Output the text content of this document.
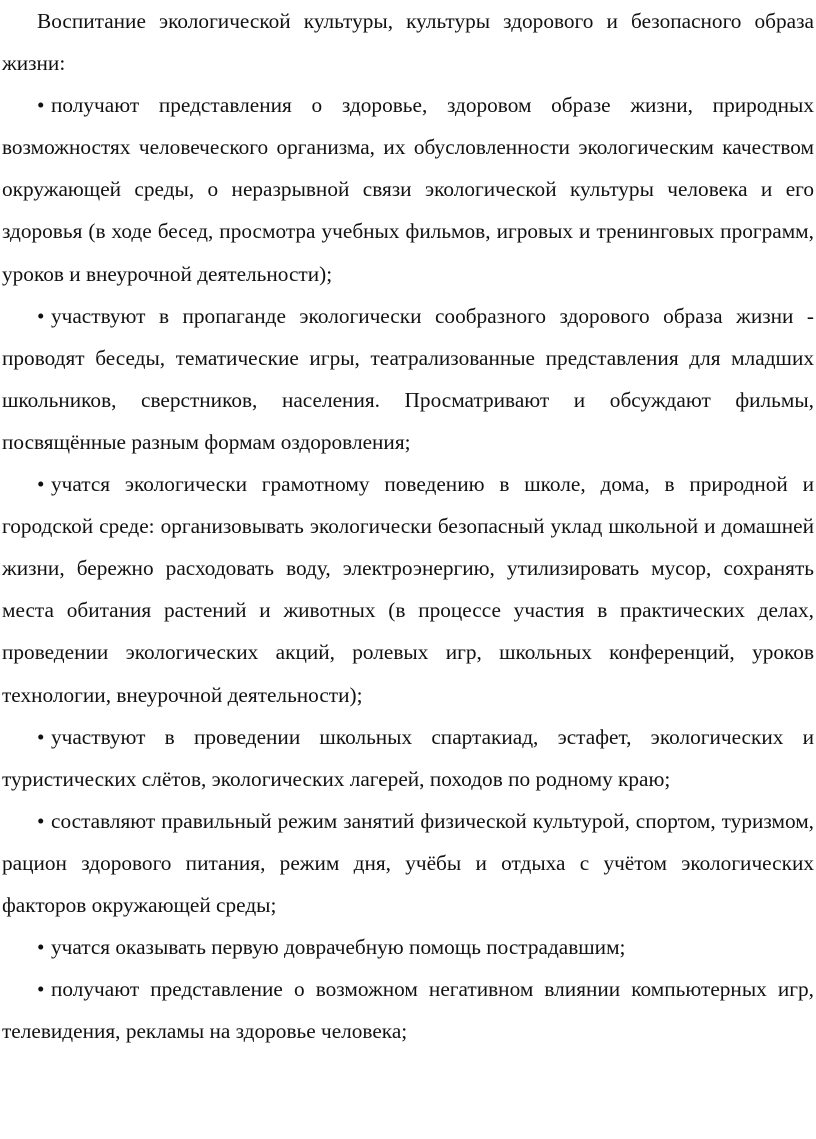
Воспитание экологической культуры, культуры здорового и безопасного образа жизни:

• получают представления о здоровье, здоровом образе жизни, природных возможностях человеческого организма, их обусловленности экологическим качеством окружающей среды, о неразрывной связи экологической культуры человека и его здоровья (в ходе бесед, просмотра учебных фильмов, игровых и тренинговых программ, уроков и внеурочной деятельности);

• участвуют в пропаганде экологически сообразного здорового образа жизни - проводят беседы, тематические игры, театрализованные представления для младших школьников, сверстников, населения. Просматривают и обсуждают фильмы, посвящённые разным формам оздоровления;

• учатся экологически грамотному поведению в школе, дома, в природной и городской среде: организовывать экологически безопасный уклад школьной и домашней жизни, бережно расходовать воду, электроэнергию, утилизировать мусор, сохранять места обитания растений и животных (в процессе участия в практических делах, проведении экологических акций, ролевых игр, школьных конференций, уроков технологии, внеурочной деятельности);

• участвуют в проведении школьных спартакиад, эстафет, экологических и туристических слётов, экологических лагерей, походов по родному краю;

• составляют правильный режим занятий физической культурой, спортом, туризмом, рацион здорового питания, режим дня, учёбы и отдыха с учётом экологических факторов окружающей среды;

• учатся оказывать первую доврачебную помощь пострадавшим;

• получают представление о возможном негативном влиянии компьютерных игр, телевидения, рекламы на здоровье человека;
